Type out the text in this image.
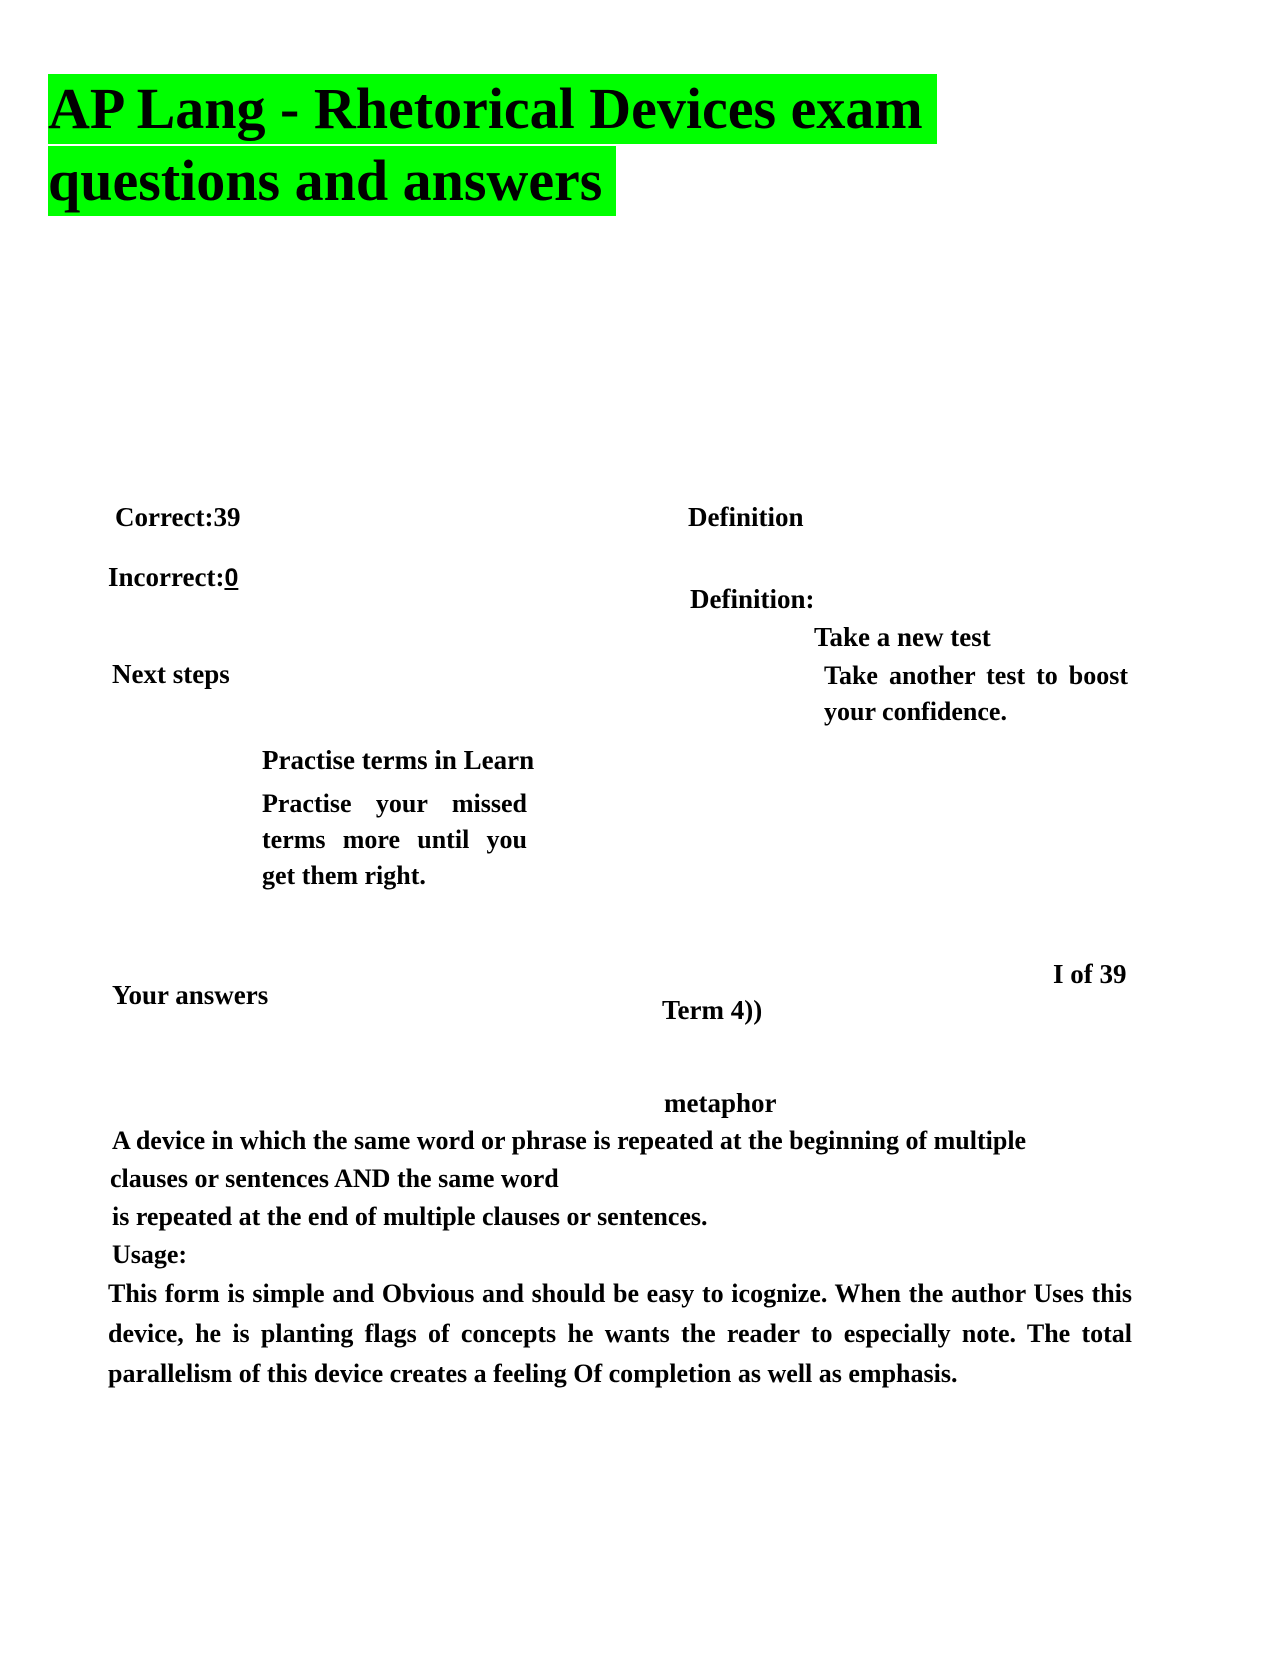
AP Lang - Rhetorical Devices exam
questions and answers
Correct:39
Incorrect:0
Definition
Definition:
Take a new test
Take another test to boost your confidence.
Next steps
Practise terms in Learn
Practise your missed terms more until you get them right.
Your answers
I of 39
Term 4))
metaphor
A device in which the same word or phrase is repeated at the beginning of multiple
clauses or sentences AND the same word
is repeated at the end of multiple clauses or sentences.
Usage:
This form is simple and Obvious and should be easy to icognize. When the author Uses this device, he is planting flags of concepts he wants the reader to especially note. The total parallelism of this device creates a feeling Of completion as well as emphasis.
